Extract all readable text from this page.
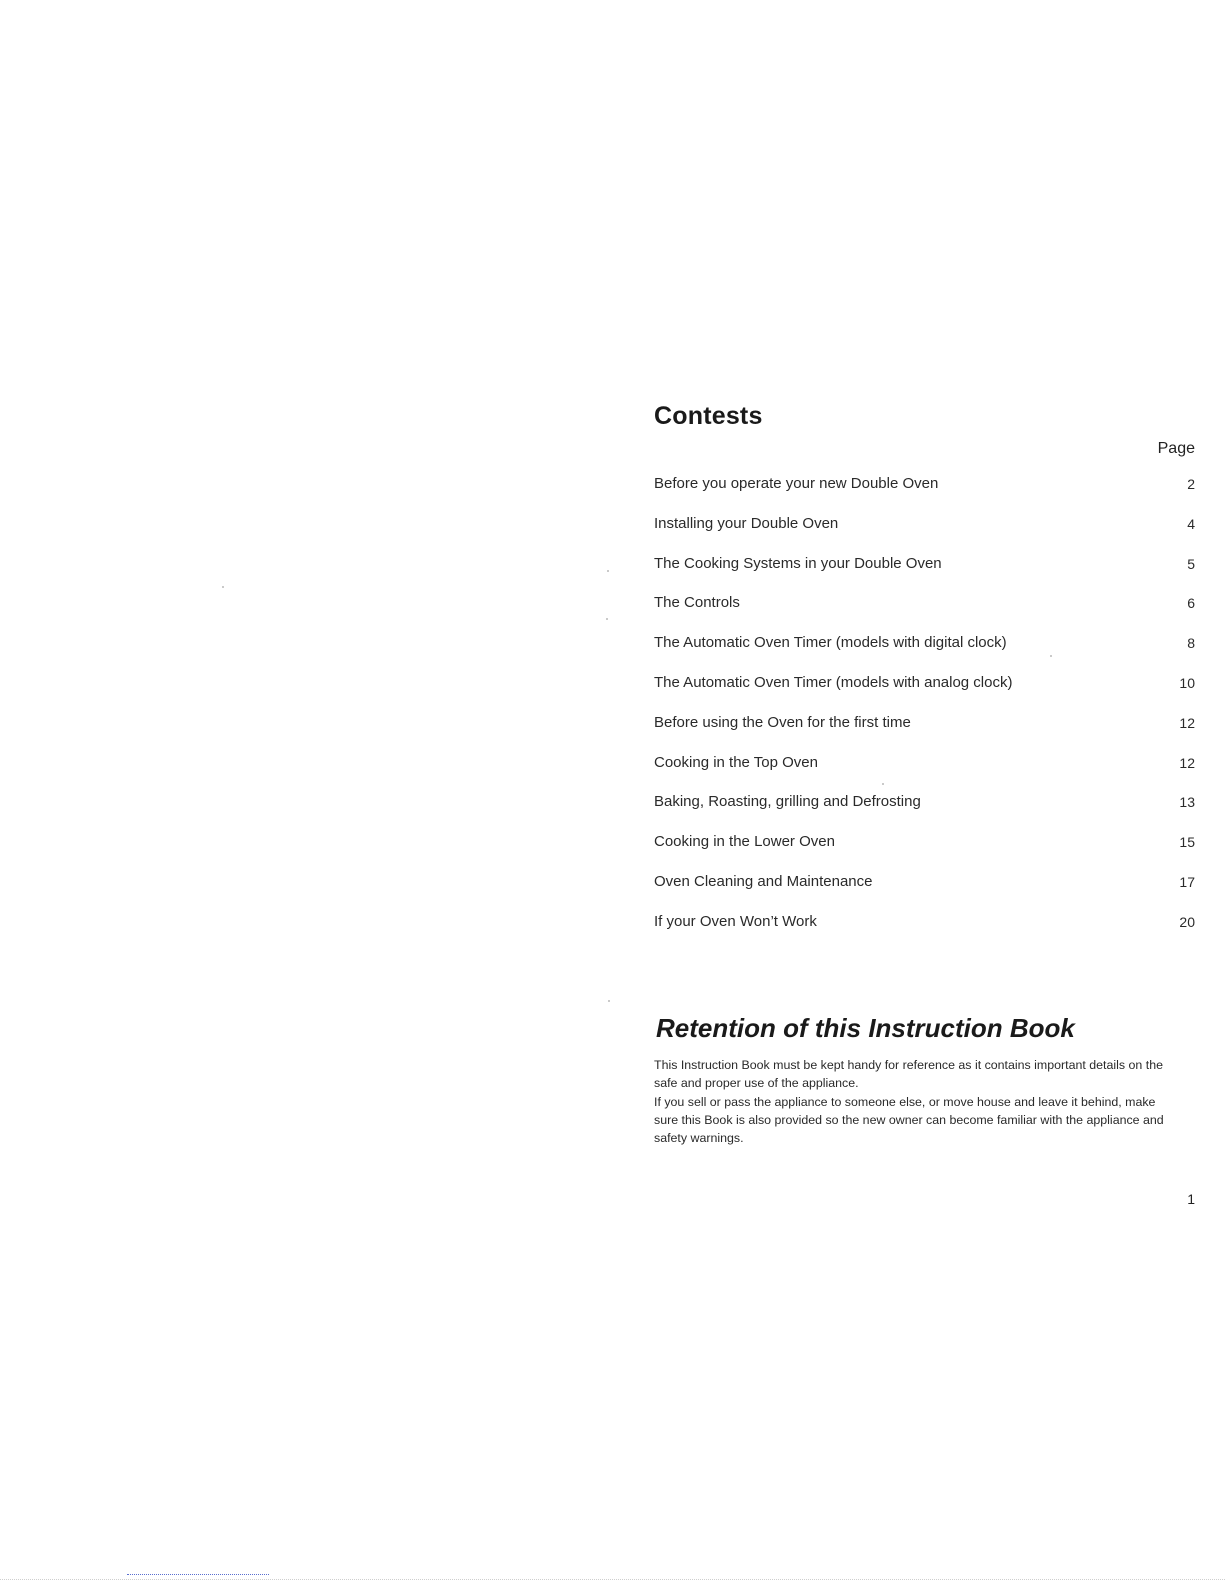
Contests
Page
Before you operate your new Double Oven	2
Installing your Double Oven	4
The Cooking Systems in your Double Oven	5
The Controls	6
The Automatic Oven Timer (models with digital clock)	8
The Automatic Oven Timer (models with analog clock)	10
Before using the Oven for the first time	12
Cooking in the Top Oven	12
Baking, Roasting, grilling and Defrosting	13
Cooking in the Lower Oven	15
Oven Cleaning and Maintenance	17
If your Oven Won’t Work	20
Retention of this Instruction Book

This Instruction Book must be kept handy for reference as it contains important details on the safe and proper use of the appliance.

If you sell or pass the appliance to someone else, or move house and leave it behind, make sure this Book is also provided so the new owner can become familiar with the appliance and safety warnings.

1
